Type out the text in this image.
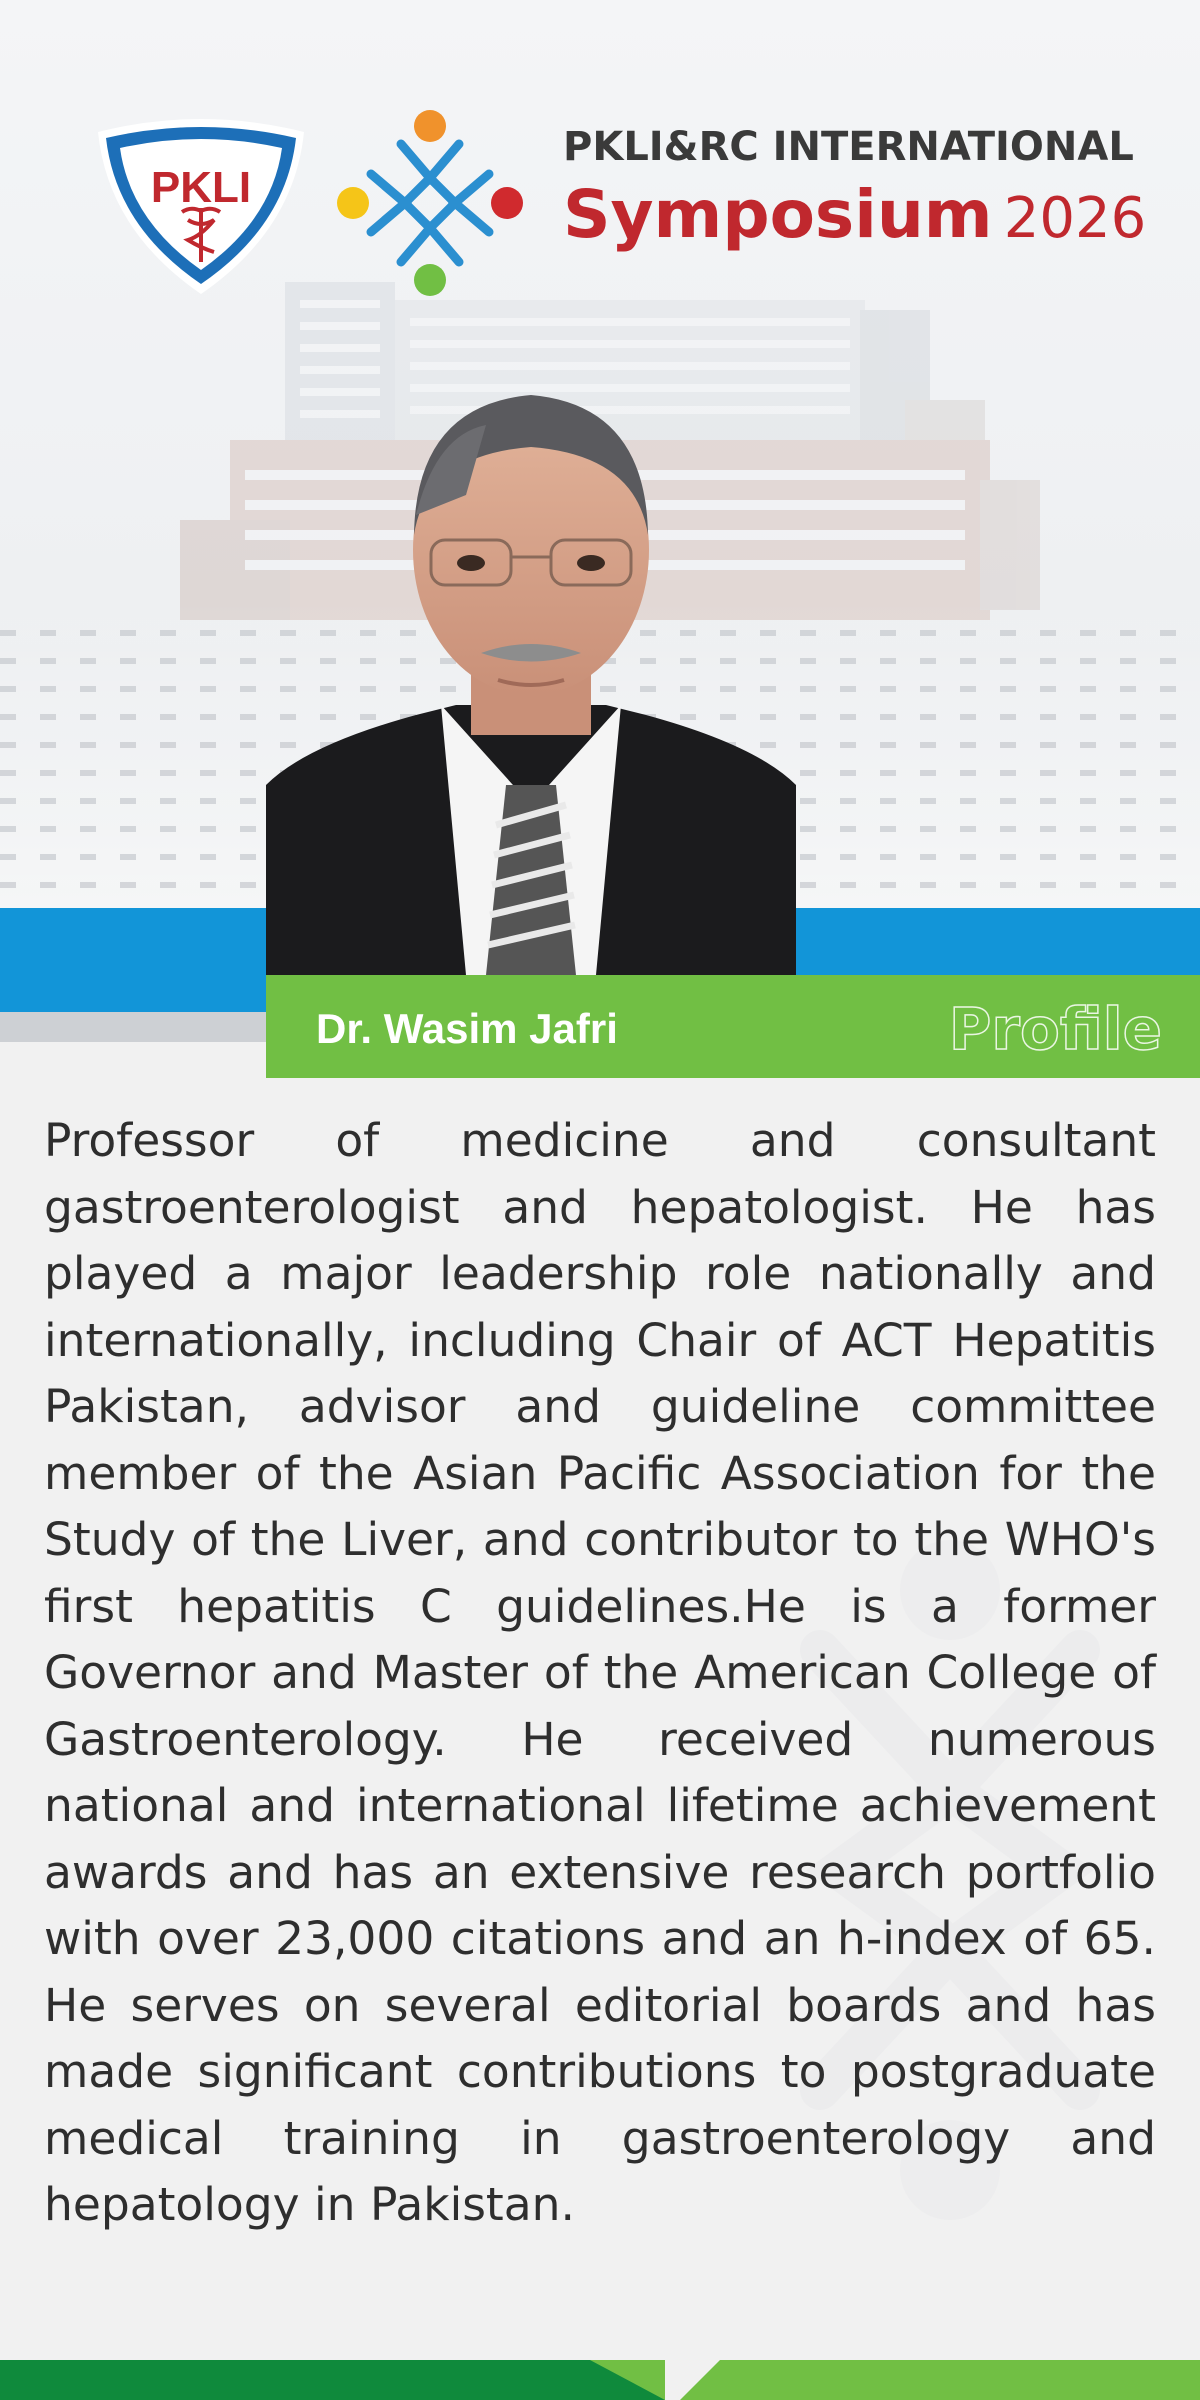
PKLI
PKLI&RC INTERNATIONAL
Symposium 2026
Dr. Wasim Jafri	Profile

Professor of medicine and consultant gastroenterologist and hepatologist. He has played a major leadership role nationally and internationally, including Chair of ACT Hepatitis Pakistan, advisor and guideline committee member of the Asian Pacific Association for the Study of the Liver, and contributor to the WHO's first hepatitis C guidelines.He is a former Governor and Master of the American College of Gastroenterology. He received numerous national and international lifetime achievement awards and has an extensive research portfolio with over 23,000 citations and an h-index of 65. He serves on several editorial boards and has made significant contributions to postgraduate medical training in gastroenterology and hepatology in Pakistan.
